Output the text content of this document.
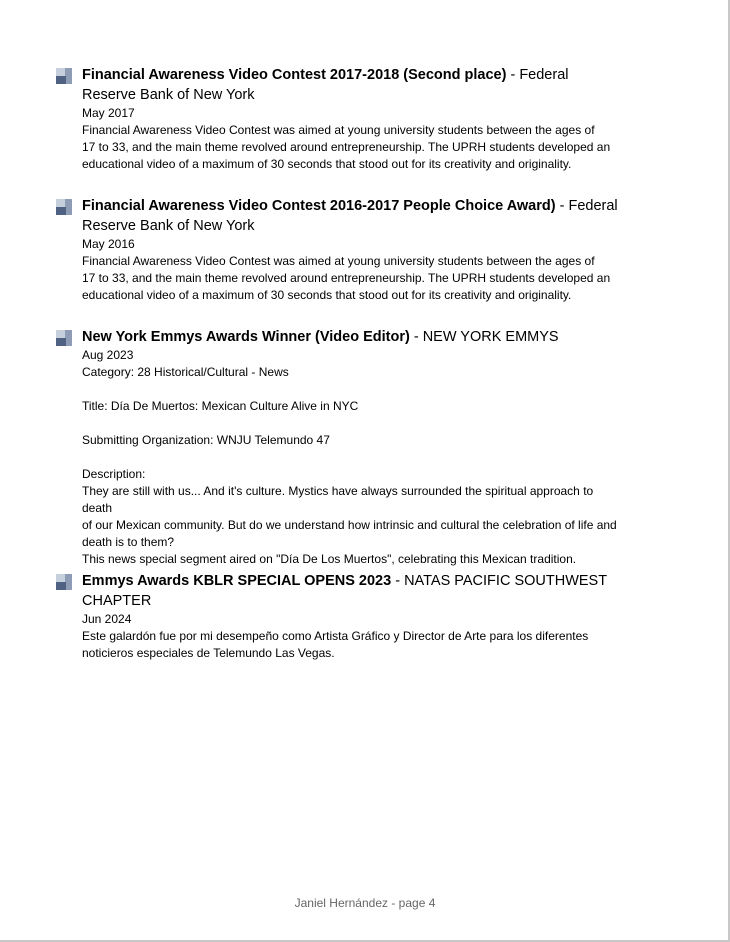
Financial Awareness Video Contest 2017-2018 (Second place) - Federal Reserve Bank of New York
May 2017
Financial Awareness Video Contest was aimed at young university students between the ages of
17 to 33, and the main theme revolved around entrepreneurship. The UPRH students developed an
educational video of a maximum of 30 seconds that stood out for its creativity and originality.
Financial Awareness Video Contest 2016-2017 People Choice Award) - Federal Reserve Bank of New York
May 2016
Financial Awareness Video Contest was aimed at young university students between the ages of
17 to 33, and the main theme revolved around entrepreneurship. The UPRH students developed an
educational video of a maximum of 30 seconds that stood out for its creativity and originality.
New York Emmys Awards Winner (Video Editor) - NEW YORK EMMYS
Aug 2023
Category: 28 Historical/Cultural - News

Title: Día De Muertos: Mexican Culture Alive in NYC

Submitting Organization: WNJU Telemundo 47

Description:
They are still with us... And it's culture. Mystics have always surrounded the spiritual approach to death
of our Mexican community. But do we understand how intrinsic and cultural the celebration of life and
death is to them?
This news special segment aired on "Día De Los Muertos", celebrating this Mexican tradition.
Emmys Awards KBLR SPECIAL OPENS 2023 - NATAS PACIFIC SOUTHWEST CHAPTER
Jun 2024
Este galardón fue por mi desempeño como Artista Gráfico y Director de Arte para los diferentes
noticieros especiales de Telemundo Las Vegas.
Janiel Hernández - page 4
